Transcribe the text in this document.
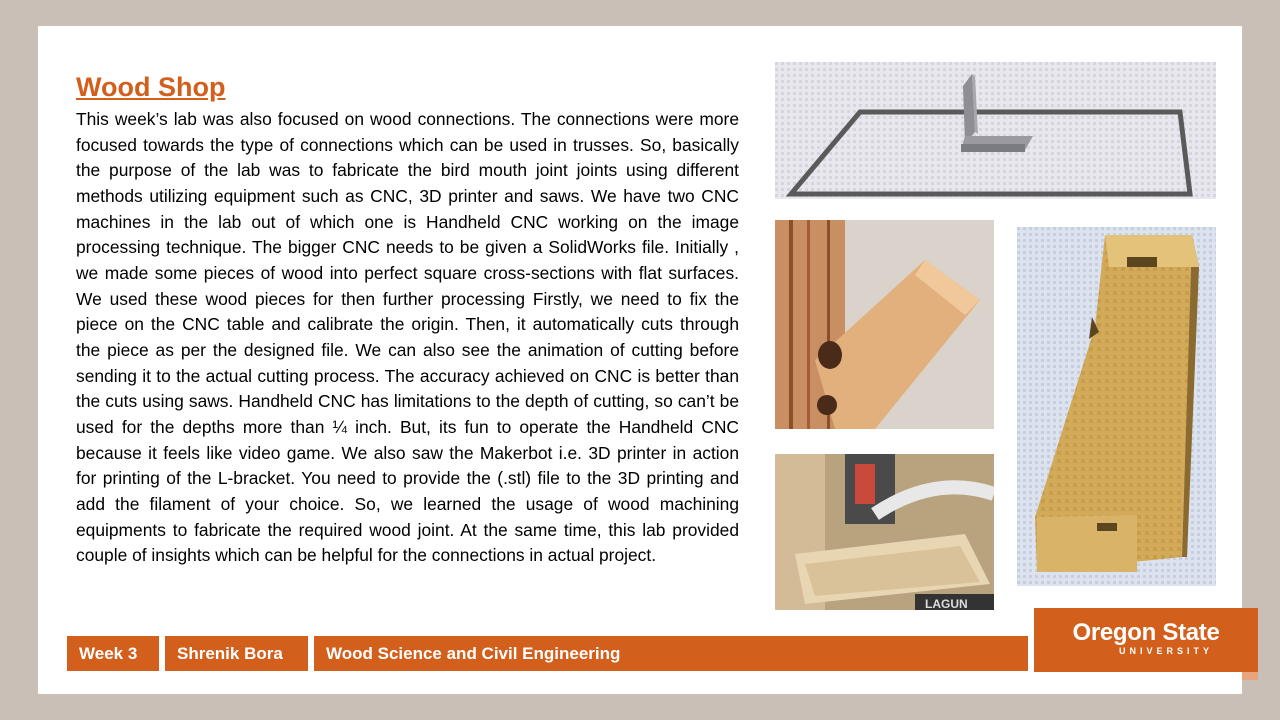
Wood Shop

This week’s lab was also focused on wood connections. The connections were more focused towards the type of connections which can be used in trusses. So, basically the purpose of the lab was to fabricate the bird mouth joint joints using different methods utilizing equipment such as CNC, 3D printer and saws. We have two CNC machines in the lab out of which one is Handheld CNC working on the image processing technique. The bigger CNC needs to be given a SolidWorks file. Initially , we made some pieces of wood into perfect square cross-sections with flat surfaces. We used these wood pieces for then further processing Firstly, we need to fix the piece on the CNC table and calibrate the origin. Then, it automatically cuts through the piece as per the designed file. We can also see the animation of cutting before sending it to the actual cutting process. The accuracy achieved on CNC is better than the cuts using saws. Handheld CNC has limitations to the depth of cutting, so can’t be used for the depths more than ¼ inch. But, its fun to operate the Handheld CNC because it feels like video game. We also saw the Makerbot i.e. 3D printer in action for printing of the L-bracket. You need to provide the (.stl) file to the 3D printing and add the filament of your choice. So, we learned the usage of wood machining equipments to fabricate the required wood joint. At the same time, this lab provided couple of insights which can be helpful for the connections in actual project.

LAGUN
Week 3	Shrenik Bora	Wood Science and Civil Engineering
Oregon State
UNIVERSITY
